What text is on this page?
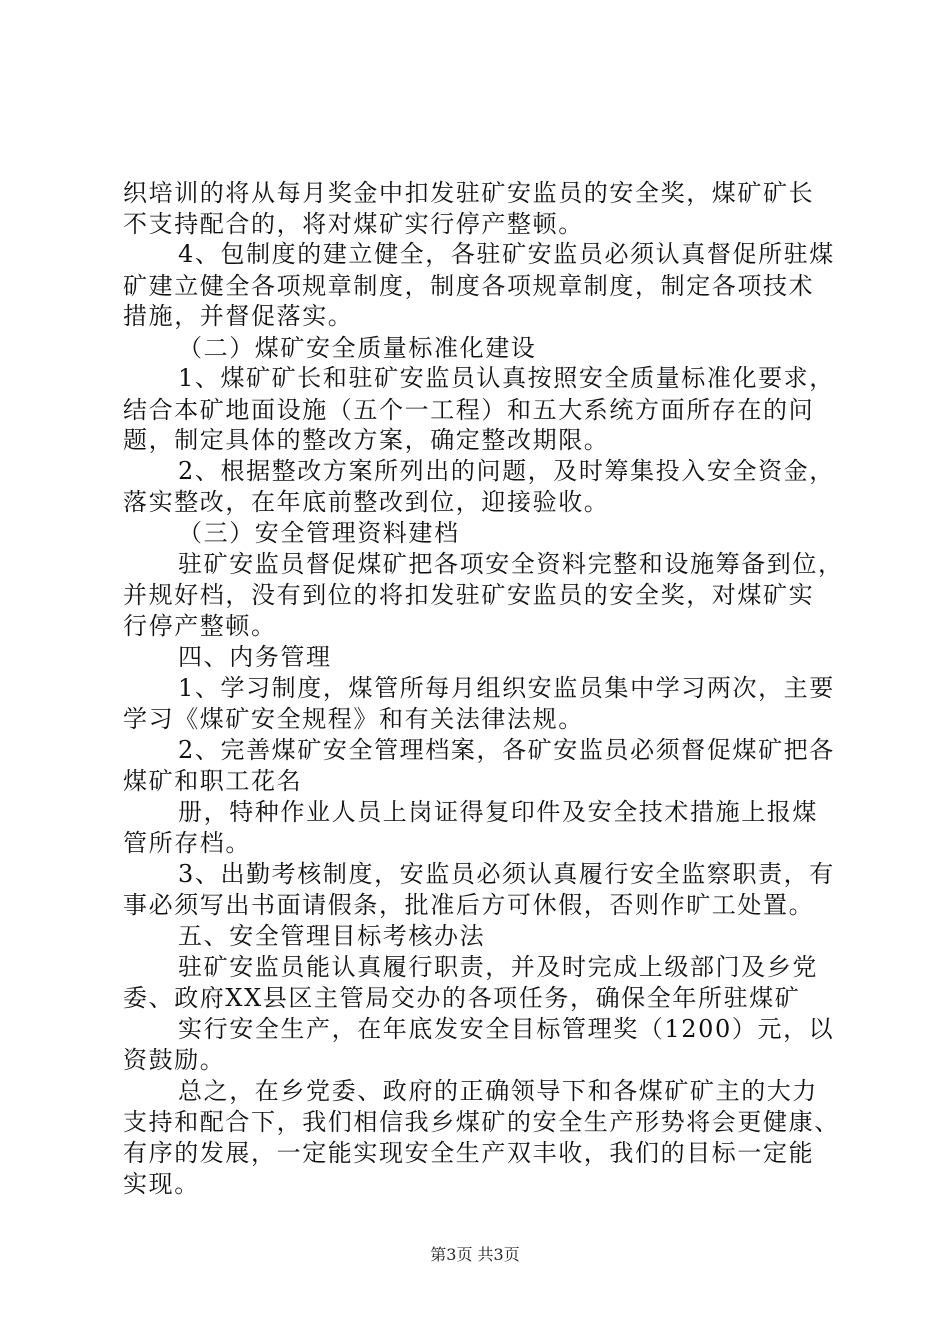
织培训的将从每月奖金中扣发驻矿安监员的安全奖，煤矿矿长
不支持配合的，将对煤矿实行停产整顿。
4、包制度的建立健全，各驻矿安监员必须认真督促所驻煤
矿建立健全各项规章制度，制度各项规章制度，制定各项技术
措施，并督促落实。
（二）煤矿安全质量标准化建设
1、煤矿矿长和驻矿安监员认真按照安全质量标准化要求，
结合本矿地面设施（五个一工程）和五大系统方面所存在的问
题，制定具体的整改方案，确定整改期限。
2、根据整改方案所列出的问题，及时筹集投入安全资金，
落实整改，在年底前整改到位，迎接验收。
（三）安全管理资料建档
驻矿安监员督促煤矿把各项安全资料完整和设施筹备到位，
并规好档，没有到位的将扣发驻矿安监员的安全奖，对煤矿实
行停产整顿。
四、内务管理
1、学习制度，煤管所每月组织安监员集中学习两次，主要
学习《煤矿安全规程》和有关法律法规。
2、完善煤矿安全管理档案，各矿安监员必须督促煤矿把各
煤矿和职工花名
册，特种作业人员上岗证得复印件及安全技术措施上报煤
管所存档。
3、出勤考核制度，安监员必须认真履行安全监察职责，有
事必须写出书面请假条，批准后方可休假，否则作旷工处置。
五、安全管理目标考核办法
驻矿安监员能认真履行职责，并及时完成上级部门及乡党
委、政府XX县区主管局交办的各项任务，确保全年所驻煤矿
实行安全生产，在年底发安全目标管理奖（1200）元，以
资鼓励。
总之，在乡党委、政府的正确领导下和各煤矿矿主的大力
支持和配合下，我们相信我乡煤矿的安全生产形势将会更健康、
有序的发展，一定能实现安全生产双丰收，我们的目标一定能
实现。
第3页 共3页
